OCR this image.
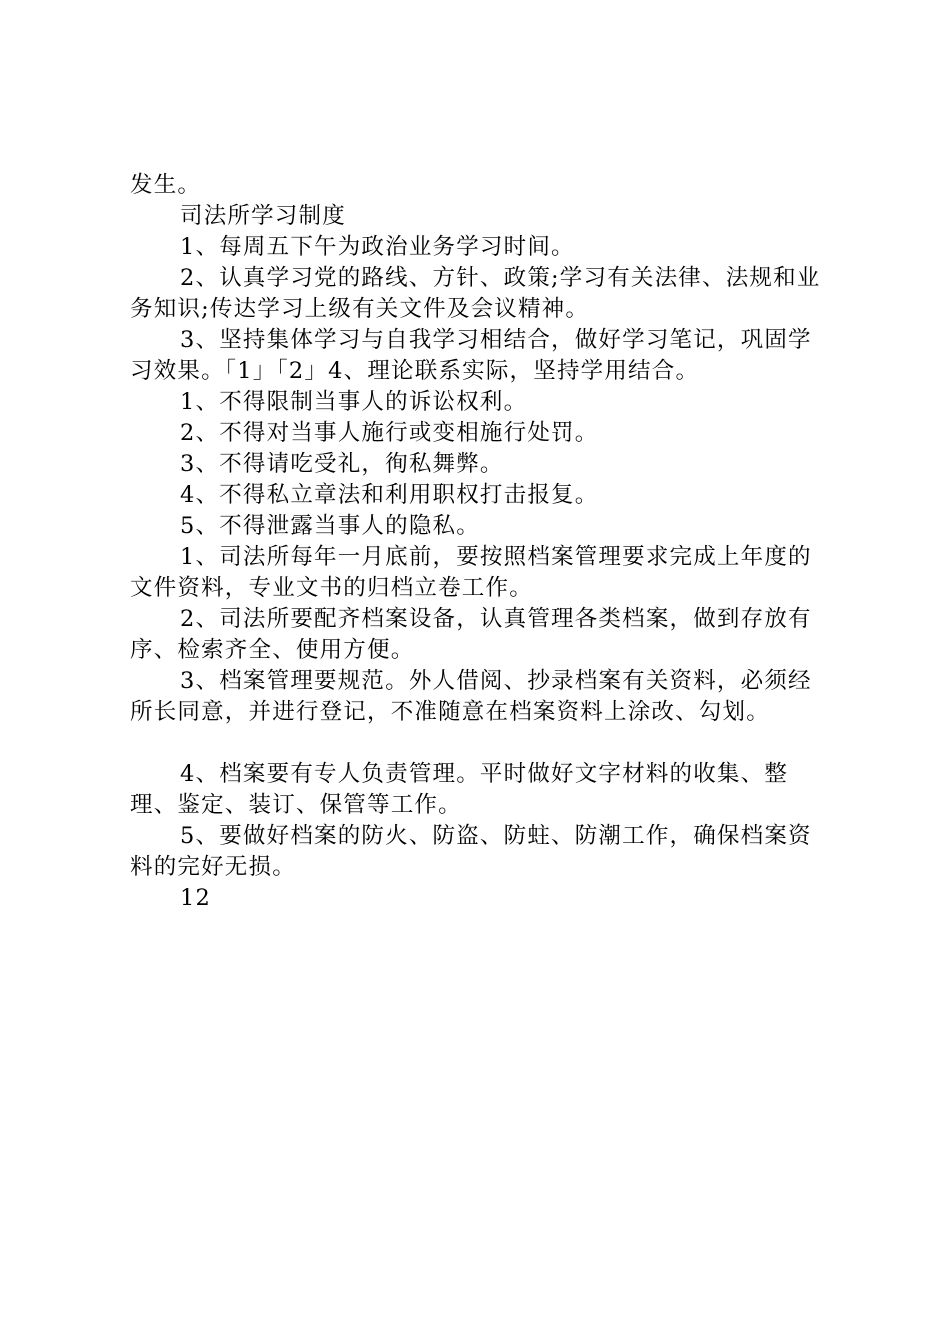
发生。

司法所学习制度

1、每周五下午为政治业务学习时间。

2、认真学习党的路线、方针、政策;学习有关法律、法规和业务知识;传达学习上级有关文件及会议精神。

3、坚持集体学习与自我学习相结合，做好学习笔记，巩固学习效果。「1」「2」4、理论联系实际，坚持学用结合。

1、不得限制当事人的诉讼权利。

2、不得对当事人施行或变相施行处罚。

3、不得请吃受礼，徇私舞弊。

4、不得私立章法和利用职权打击报复。

5、不得泄露当事人的隐私。

1、司法所每年一月底前，要按照档案管理要求完成上年度的文件资料，专业文书的归档立卷工作。

2、司法所要配齐档案设备，认真管理各类档案，做到存放有序、检索齐全、使用方便。

3、档案管理要规范。外人借阅、抄录档案有关资料，必须经所长同意，并进行登记，不准随意在档案资料上涂改、勾划。

4、档案要有专人负责管理。平时做好文字材料的收集、整理、鉴定、装订、保管等工作。

5、要做好档案的防火、防盗、防蛀、防潮工作，确保档案资料的完好无损。

12
